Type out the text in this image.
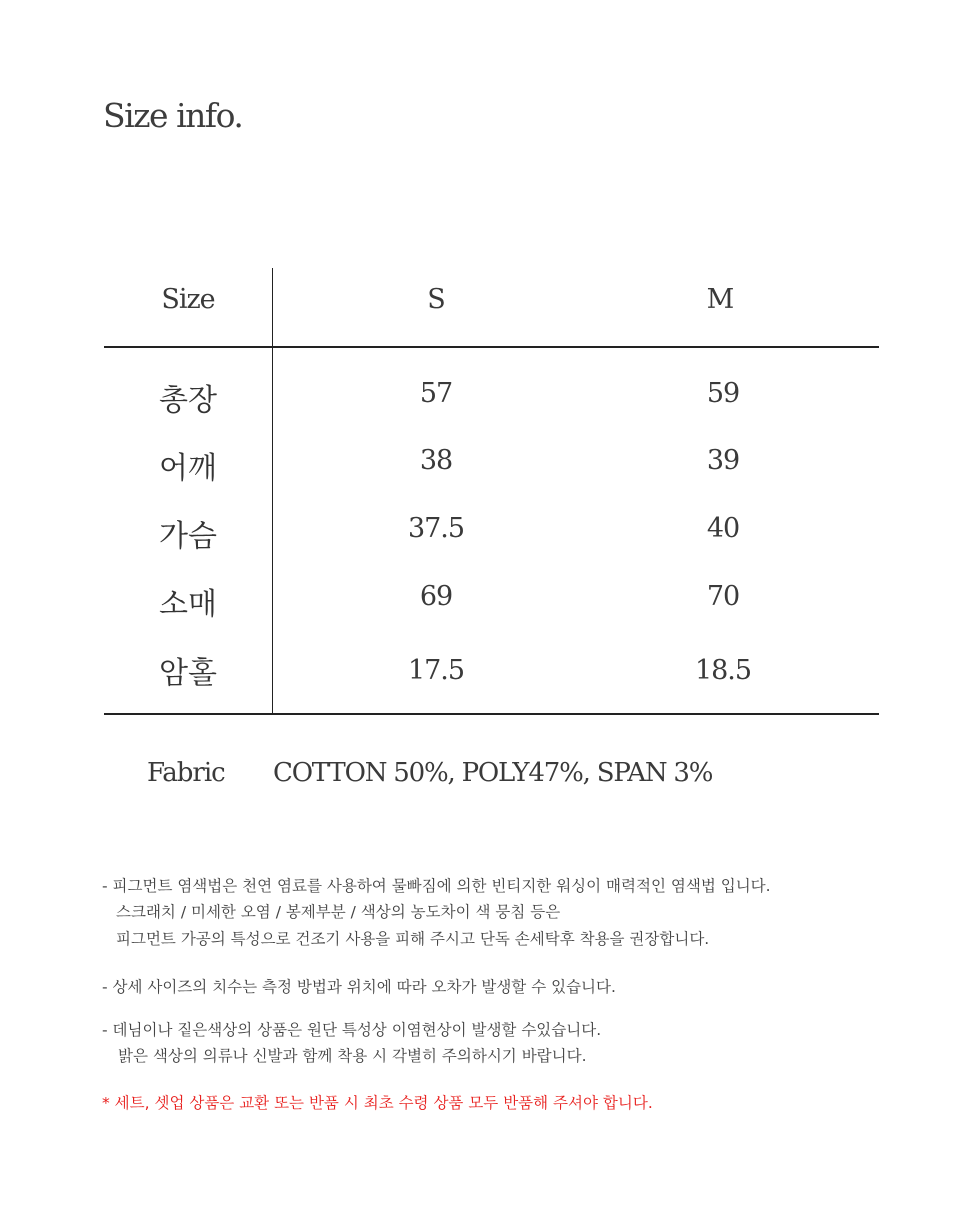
Size info.
Size	S	M
총장	57	59
어깨	38	39
가슴	37.5	40
소매	69	70
암홀	17.5	18.5
Fabric COTTON 50%, POLY47%, SPAN 3%
- 피그먼트 염색법은 천연 염료를 사용하여 물빠짐에 의한 빈티지한 워싱이 매력적인 염색법 입니다.
스크래치 / 미세한 오염 / 봉제부분 / 색상의 농도차이 색 뭉침 등은
피그먼트 가공의 특성으로 건조기 사용을 피해 주시고 단독 손세탁후 착용을 권장합니다.
- 상세 사이즈의 치수는 측정 방법과 위치에 따라 오차가 발생할 수 있습니다.
- 데님이나 짙은색상의 상품은 원단 특성상 이염현상이 발생할 수있습니다.
밝은 색상의 의류나 신발과 함께 착용 시 각별히 주의하시기 바랍니다.
* 세트, 셋업 상품은 교환 또는 반품 시 최초 수령 상품 모두 반품해 주셔야 합니다.
